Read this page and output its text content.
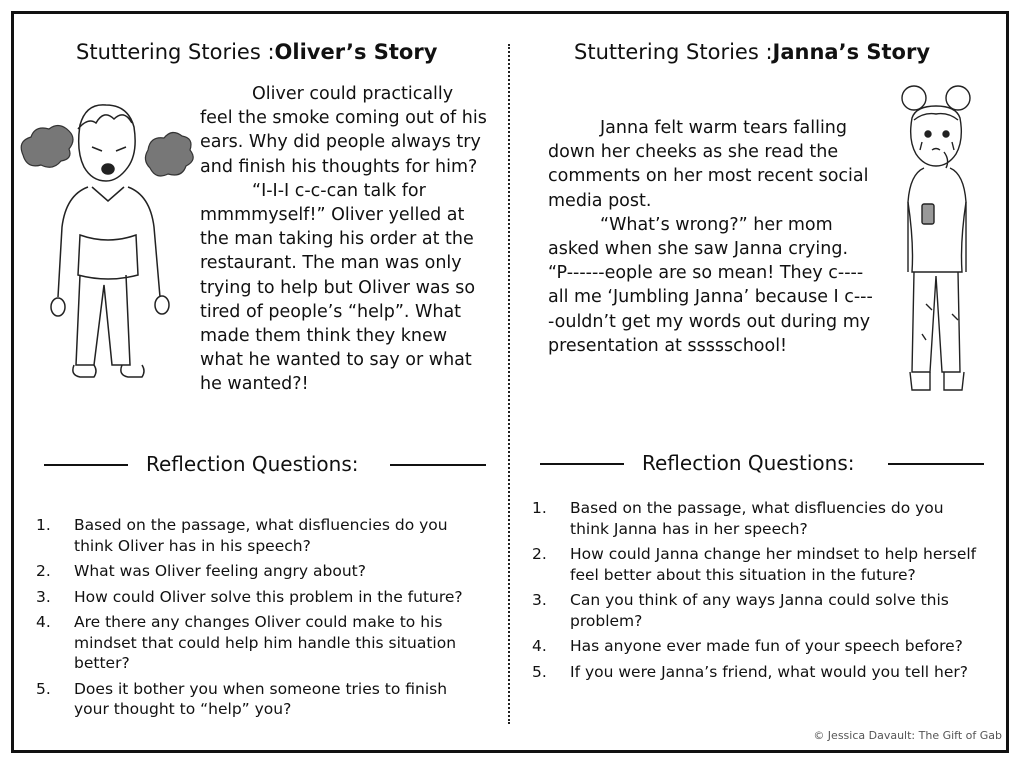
Stuttering Stories :Oliver’s Story

Oliver could practically feel the smoke coming out of his ears. Why did people always try and finish his thoughts for him?

“I-I-I c-c-can talk for mmmmyself!” Oliver yelled at the man taking his order at the restaurant. The man was only trying to help but Oliver was so tired of people’s “help”. What made them think they knew what he wanted to say or what he wanted?!

Reflection Questions:
1. Based on the passage, what disfluencies do you think Oliver has in his speech?
2. What was Oliver feeling angry about?
3. How could Oliver solve this problem in the future?
4. Are there any changes Oliver could make to his mindset that could help him handle this situation better?
5. Does it bother you when someone tries to finish your thought to “help” you?
Stuttering Stories :Janna’s Story

Janna felt warm tears falling down her cheeks as she read the comments on her most recent social media post.

“What’s wrong?” her mom asked when she saw Janna crying. “P------eople are so mean! They c----all me ‘Jumbling Janna’ because I c----ouldn’t get my words out during my presentation at ssssschool!

Reflection Questions:
1. Based on the passage, what disfluencies do you think Janna has in her speech?
2. How could Janna change her mindset to help herself feel better about this situation in the future?
3. Can you think of any ways Janna could solve this problem?
4. Has anyone ever made fun of your speech before?
5. If you were Janna’s friend, what would you tell her?
© Jessica Davault: The Gift of Gab
